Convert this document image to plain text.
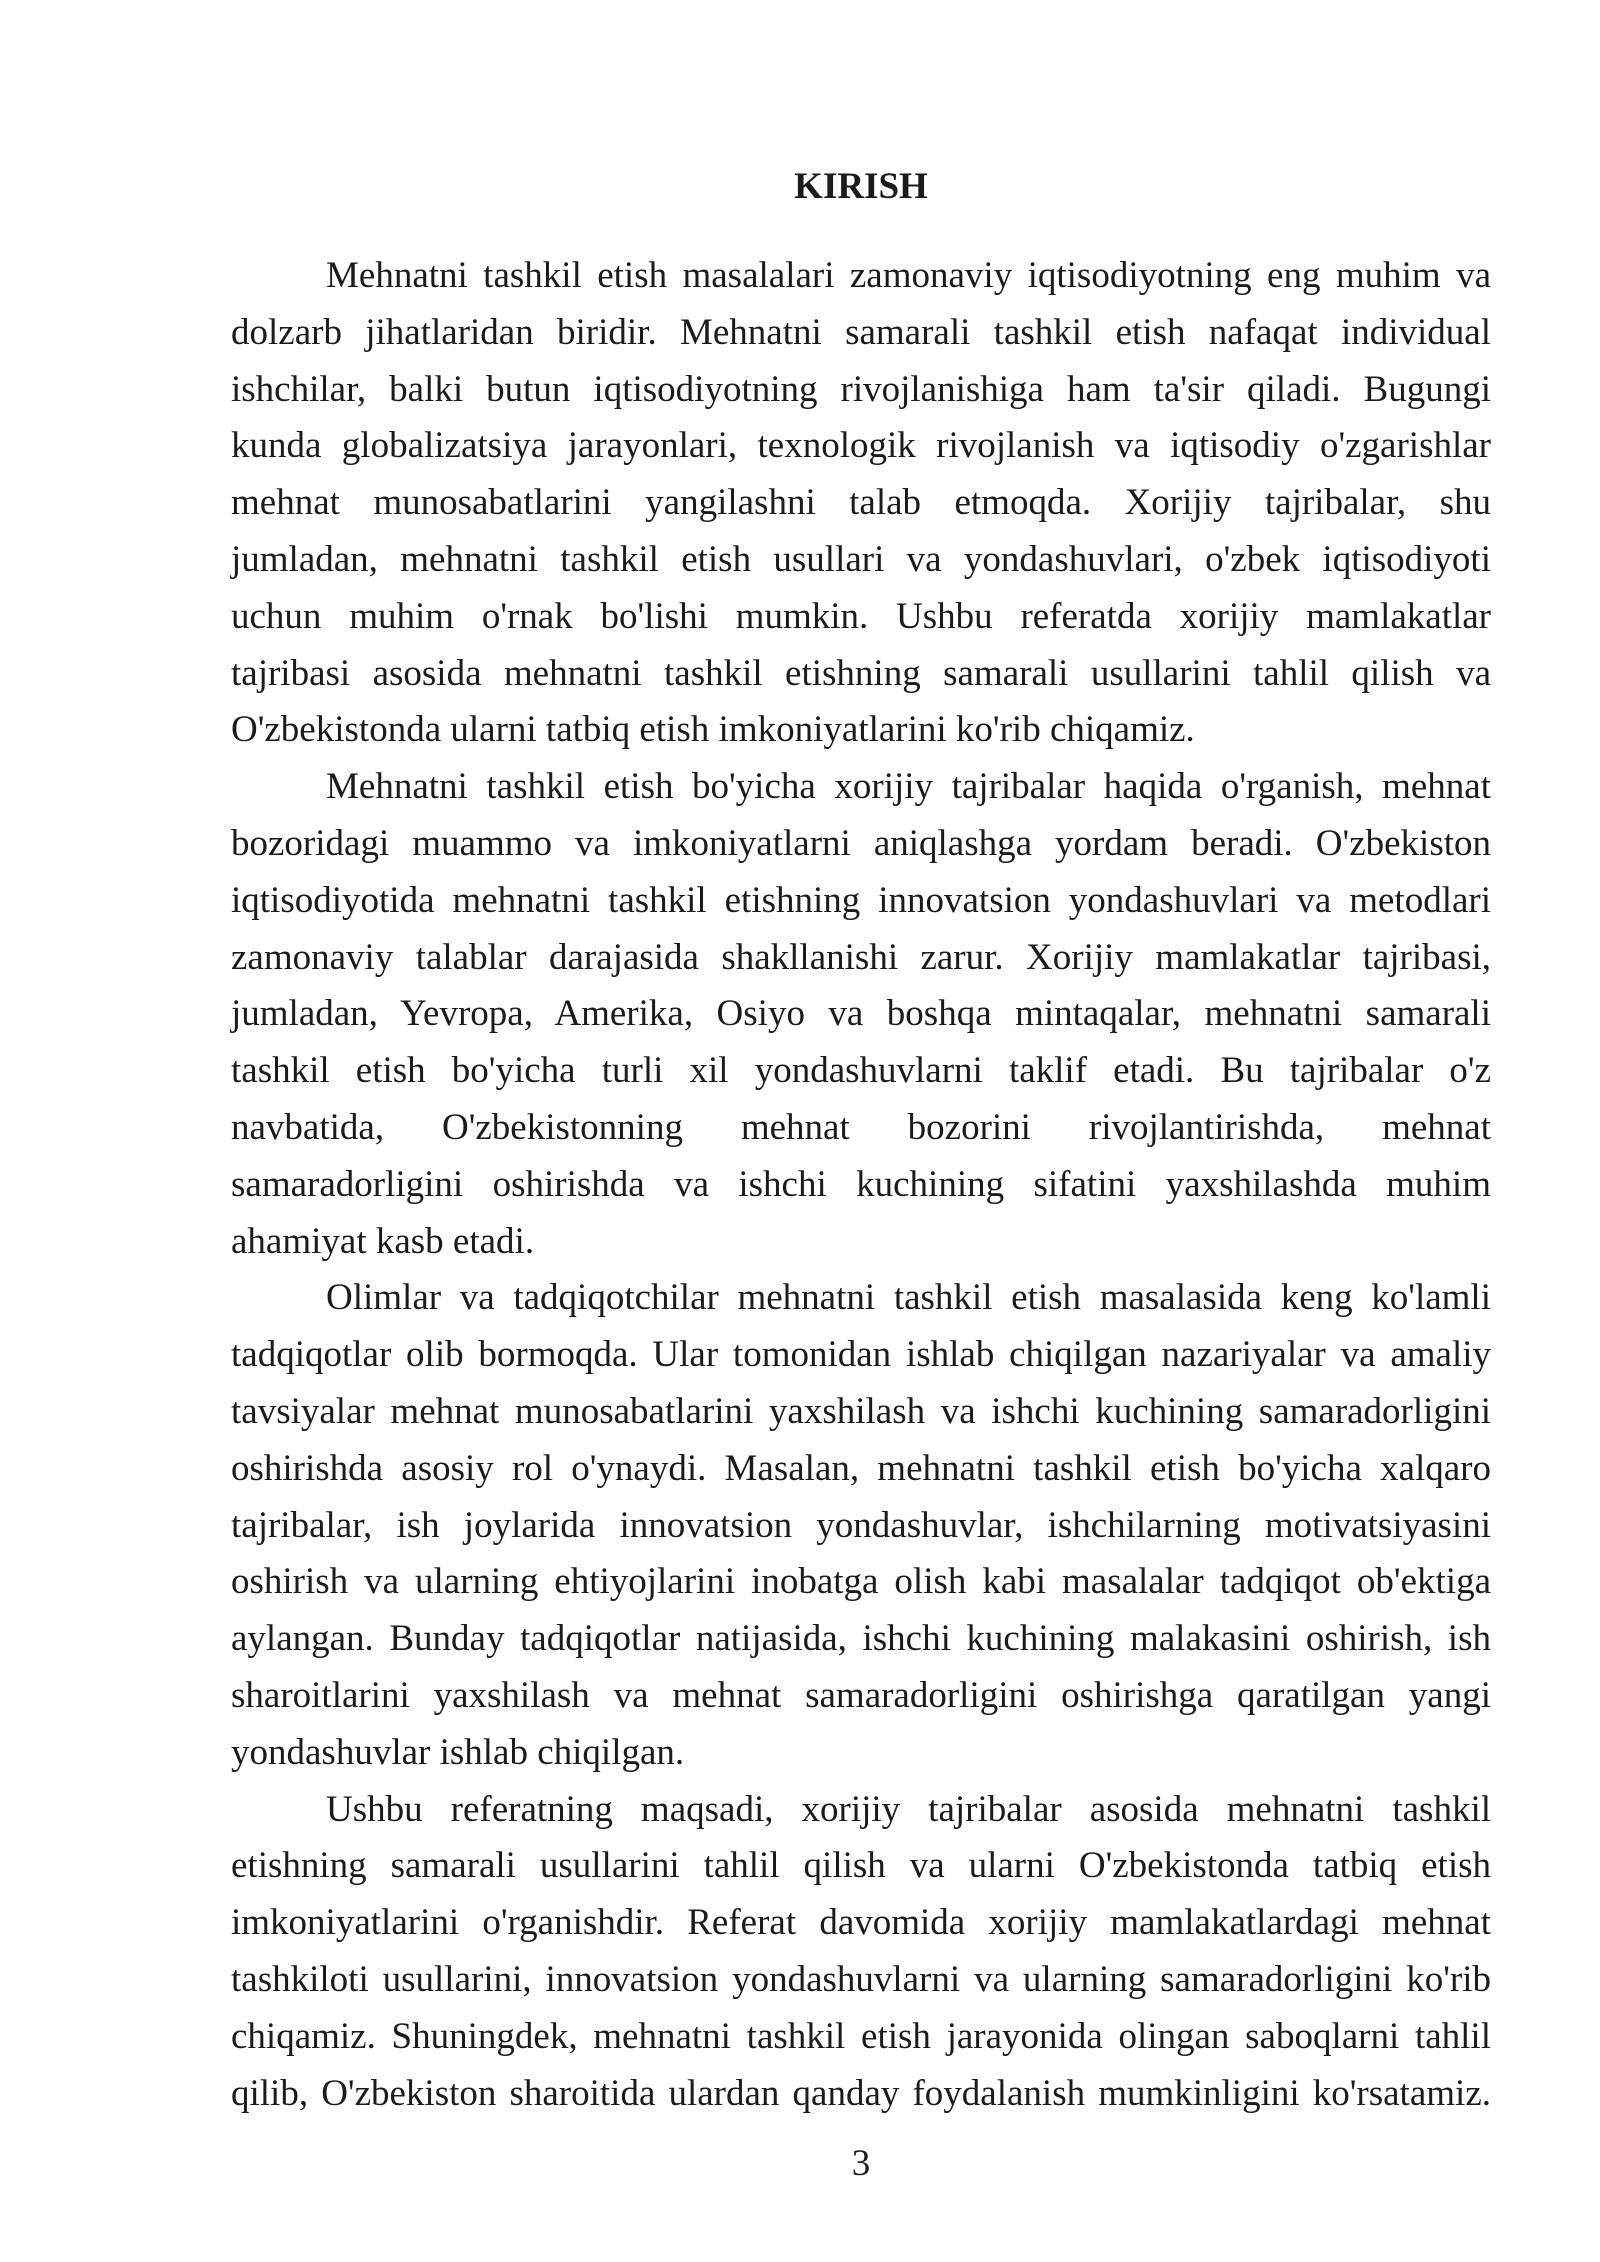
KIRISH
Mehnatni tashkil etish masalalari zamonaviy iqtisodiyotning eng muhim va
dolzarb jihatlaridan biridir. Mehnatni samarali tashkil etish nafaqat individual
ishchilar, balki butun iqtisodiyotning rivojlanishiga ham ta'sir qiladi. Bugungi
kunda globalizatsiya jarayonlari, texnologik rivojlanish va iqtisodiy o'zgarishlar
mehnat munosabatlarini yangilashni talab etmoqda. Xorijiy tajribalar, shu
jumladan, mehnatni tashkil etish usullari va yondashuvlari, o'zbek iqtisodiyoti
uchun muhim o'rnak bo'lishi mumkin. Ushbu referatda xorijiy mamlakatlar
tajribasi asosida mehnatni tashkil etishning samarali usullarini tahlil qilish va
O'zbekistonda ularni tatbiq etish imkoniyatlarini ko'rib chiqamiz.
Mehnatni tashkil etish bo'yicha xorijiy tajribalar haqida o'rganish, mehnat
bozoridagi muammo va imkoniyatlarni aniqlashga yordam beradi. O'zbekiston
iqtisodiyotida mehnatni tashkil etishning innovatsion yondashuvlari va metodlari
zamonaviy talablar darajasida shakllanishi zarur. Xorijiy mamlakatlar tajribasi,
jumladan, Yevropa, Amerika, Osiyo va boshqa mintaqalar, mehnatni samarali
tashkil etish bo'yicha turli xil yondashuvlarni taklif etadi. Bu tajribalar o'z
navbatida, O'zbekistonning mehnat bozorini rivojlantirishda, mehnat
samaradorligini oshirishda va ishchi kuchining sifatini yaxshilashda muhim
ahamiyat kasb etadi.
Olimlar va tadqiqotchilar mehnatni tashkil etish masalasida keng ko'lamli
tadqiqotlar olib bormoqda. Ular tomonidan ishlab chiqilgan nazariyalar va amaliy
tavsiyalar mehnat munosabatlarini yaxshilash va ishchi kuchining samaradorligini
oshirishda asosiy rol o'ynaydi. Masalan, mehnatni tashkil etish bo'yicha xalqaro
tajribalar, ish joylarida innovatsion yondashuvlar, ishchilarning motivatsiyasini
oshirish va ularning ehtiyojlarini inobatga olish kabi masalalar tadqiqot ob'ektiga
aylangan. Bunday tadqiqotlar natijasida, ishchi kuchining malakasini oshirish, ish
sharoitlarini yaxshilash va mehnat samaradorligini oshirishga qaratilgan yangi
yondashuvlar ishlab chiqilgan.
Ushbu referatning maqsadi, xorijiy tajribalar asosida mehnatni tashkil
etishning samarali usullarini tahlil qilish va ularni O'zbekistonda tatbiq etish
imkoniyatlarini o'rganishdir. Referat davomida xorijiy mamlakatlardagi mehnat
tashkiloti usullarini, innovatsion yondashuvlarni va ularning samaradorligini ko'rib
chiqamiz. Shuningdek, mehnatni tashkil etish jarayonida olingan saboqlarni tahlil
qilib, O'zbekiston sharoitida ulardan qanday foydalanish mumkinligini ko'rsatamiz.
3
